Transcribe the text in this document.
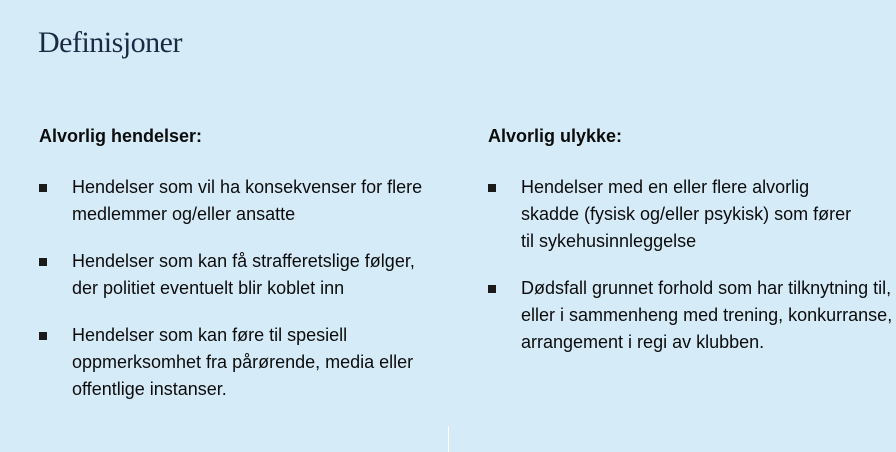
Definisjoner

Alvorlig hendelser:

Hendelser som vil ha konsekvenser for flere medlemmer og/eller ansatte
Hendelser som kan få strafferetslige følger, der politiet eventuelt blir koblet inn
Hendelser som kan føre til spesiell oppmerksomhet fra pårørende, media eller offentlige instanser.

Alvorlig ulykke:

Hendelser med en eller flere alvorlig skadde (fysisk og/eller psykisk) som fører til sykehusinnleggelse
Dødsfall grunnet forhold som har tilknytning til, eller i sammenheng med trening, konkurranse, arrangement i regi av klubben.
